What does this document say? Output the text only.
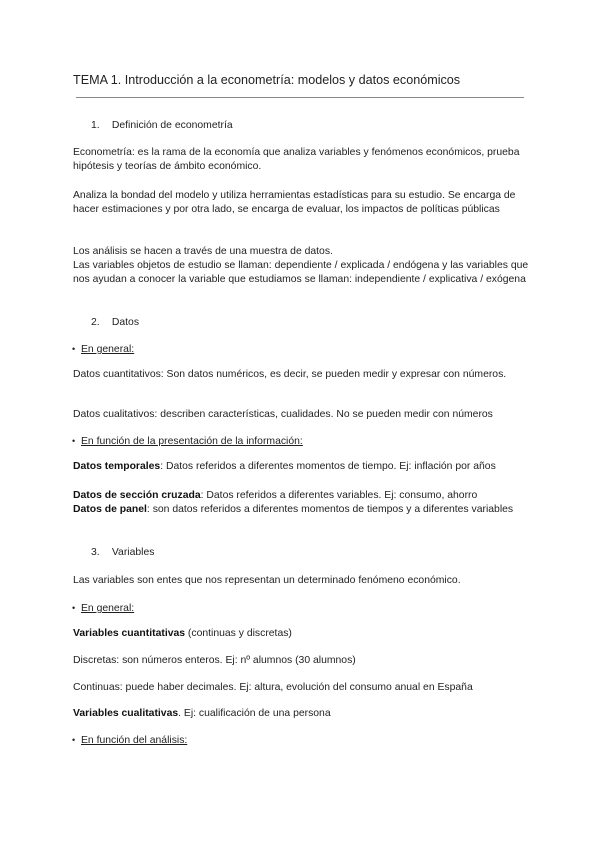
TEMA 1. Introducción a la econometría: modelos y datos económicos
1. Definición de econometría

Econometría: es la rama de la economía que analiza variables y fenómenos económicos, prueba hipótesis y teorías de ámbito económico.

Analiza la bondad del modelo y utiliza herramientas estadísticas para su estudio. Se encarga de hacer estimaciones y por otra lado, se encarga de evaluar, los impactos de políticas públicas

Los análisis se hacen a través de una muestra de datos.

Las variables objetos de estudio se llaman: dependiente / explicada / endógena y las variables que nos ayudan a conocer la variable que estudiamos se llaman: independiente / explicativa / exógena

2. Datos
• En general:

Datos cuantitativos: Son datos numéricos, es decir, se pueden medir y expresar con números.

Datos cualitativos: describen características, cualidades. No se pueden medir con números

• En función de la presentación de la información:

Datos temporales: Datos referidos a diferentes momentos de tiempo. Ej: inflación por años

Datos de sección cruzada: Datos referidos a diferentes variables. Ej: consumo, ahorro

Datos de panel: son datos referidos a diferentes momentos de tiempos y a diferentes variables

3. Variables

Las variables son entes que nos representan un determinado fenómeno económico.

• En general:

Variables cuantitativas (continuas y discretas)

Discretas: son números enteros. Ej: nº alumnos (30 alumnos)

Continuas: puede haber decimales. Ej: altura, evolución del consumo anual en España

Variables cualitativas. Ej: cualificación de una persona

• En función del análisis:
